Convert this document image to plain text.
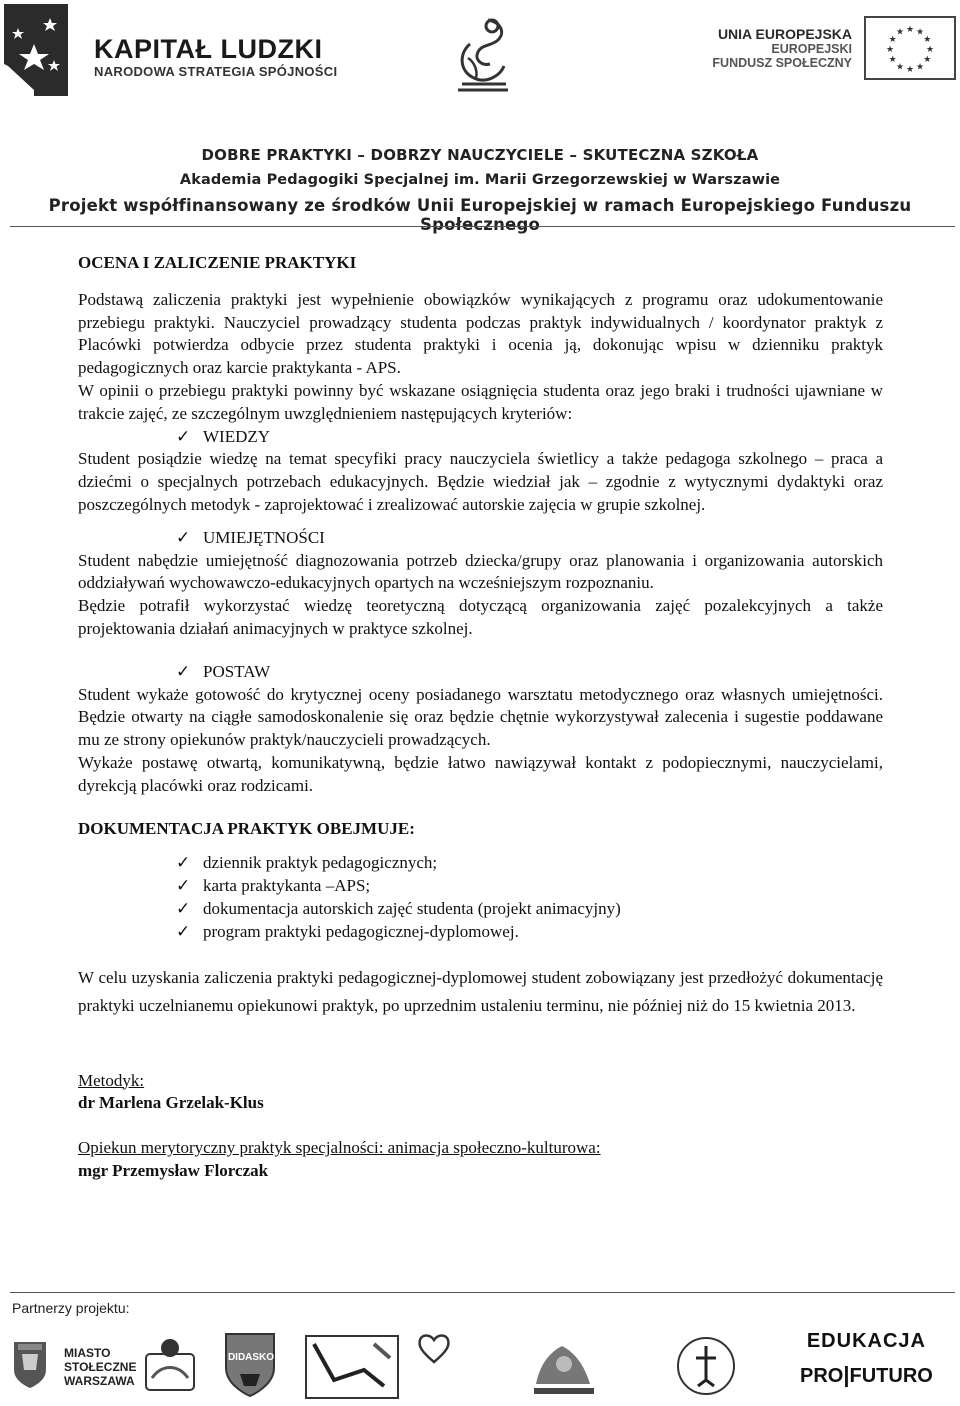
KAPITAŁ LUDZKI
NARODOWA STRATEGIA SPÓJNOŚCI
UNIA EUROPEJSKA
EUROPEJSKI
FUNDUSZ SPOŁECZNY
★ ★
★
★
★
★
★
★
★
★
★
★
DOBRE PRAKTYKI – DOBRZY NAUCZYCIELE – SKUTECZNA SZKOŁA
Akademia Pedagogiki Specjalnej im. Marii Grzegorzewskiej w Warszawie
Projekt współfinansowany ze środków Unii Europejskiej w ramach Europejskiego Funduszu Społecznego

OCENA I ZALICZENIE PRAKTYKI

Podstawą zaliczenia praktyki jest wypełnienie obowiązków wynikających z programu oraz udokumentowanie przebiegu praktyki. Nauczyciel prowadzący studenta podczas praktyk indywidualnych / koordynator praktyk z Placówki potwierdza odbycie przez studenta praktyki i ocenia ją, dokonując wpisu w dzienniku praktyk pedagogicznych oraz karcie praktykanta - APS.

W opinii o przebiegu praktyki powinny być wskazane osiągnięcia studenta oraz jego braki i trudności ujawniane w trakcie zajęć, ze szczególnym uwzględnieniem następujących kryteriów:

✓ WIEDZY

Student posiądzie wiedzę na temat specyfiki pracy nauczyciela świetlicy a także pedagoga szkolnego – praca a dziećmi o specjalnych potrzebach edukacyjnych. Będzie wiedział jak – zgodnie z wytycznymi dydaktyki oraz poszczególnych metodyk - zaprojektować i zrealizować autorskie zajęcia w grupie szkolnej.

✓ UMIEJĘTNOŚCI

Student nabędzie umiejętność diagnozowania potrzeb dziecka/grupy oraz planowania i organizowania autorskich oddziaływań wychowawczo-edukacyjnych opartych na wcześniejszym rozpoznaniu.

Będzie potrafił wykorzystać wiedzę teoretyczną dotyczącą organizowania zajęć pozalekcyjnych a także projektowania działań animacyjnych w praktyce szkolnej.

✓ POSTAW

Student wykaże gotowość do krytycznej oceny posiadanego warsztatu metodycznego oraz własnych umiejętności. Będzie otwarty na ciągłe samodoskonalenie się oraz będzie chętnie wykorzystywał zalecenia i sugestie poddawane mu ze strony opiekunów praktyk/nauczycieli prowadzących.

Wykaże postawę otwartą, komunikatywną, będzie łatwo nawiązywał kontakt z podopiecznymi, nauczycielami, dyrekcją placówki oraz rodzicami.

DOKUMENTACJA PRAKTYK OBEJMUJE:

✓ dziennik praktyk pedagogicznych;

✓ karta praktykanta –APS;

✓ dokumentacja autorskich zajęć studenta (projekt animacyjny)

✓ program praktyki pedagogicznej-dyplomowej.

W celu uzyskania zaliczenia praktyki pedagogicznej-dyplomowej student zobowiązany jest przedłożyć dokumentację praktyki uczelnianemu opiekunowi praktyk, po uprzednim ustaleniu terminu, nie później niż do 15 kwietnia 2013.

Metodyk:

dr Marlena Grzelak-Klus

Opiekun merytoryczny praktyk specjalności: animacja społeczno-kulturowa:

mgr Przemysław Florczak

Partnerzy projektu:
MIASTO
STOŁECZNE
WARSZAWA
DIDASKO
EDUKACJA
PRO|FUTURO
